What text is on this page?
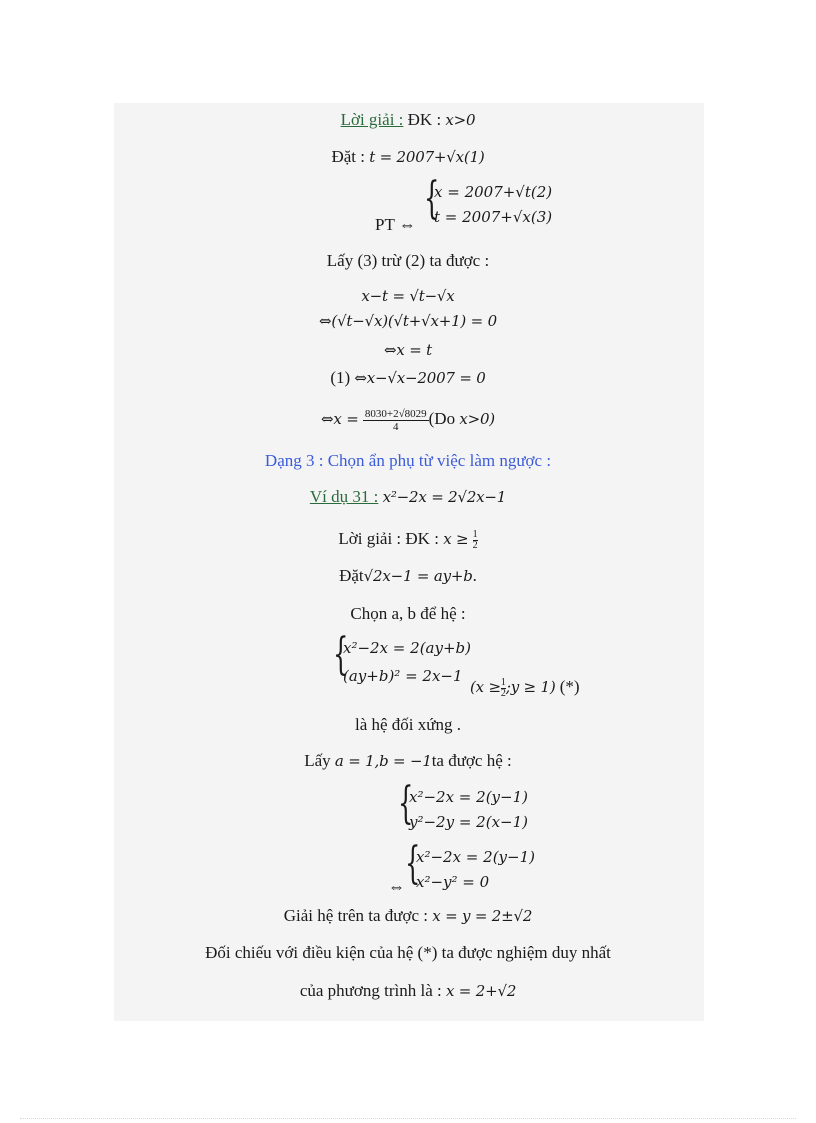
Lời giải : ĐK : x>0
Đặt : t = 2007+√x(1)
PT ⇔
{
x = 2007+√t(2)
t = 2007+√x(3)
Lấy (3) trừ (2) ta được :
x−t = √t−√x
⇔(√t−√x)(√t+√x+1) = 0
⇔x = t
(1) ⇔x−√x−2007 = 0
⇔x = $\frac{8030+2√8029}{4} (Do$ x>0)
Dạng 3 : Chọn ẩn phụ từ việc làm ngược :
Ví dụ 31 : x²−2x = 2√2x−1
Lời giải : ĐK : $x \ge \frac{1}{2}$
Đặt√2x−1 = ay+b.
Chọn a, b để hệ :
{
x²−2x = 2(ay+b)
(ay+b)² = 2x−1
$(x \ge \frac{1}{2};y \ge 1)$ (*)
là hệ đối xứng .
Lấy a = 1,b = −1ta được hệ :
{
x²−2x = 2(y−1)
y²−2y = 2(x−1)
⇔ {
x²−2x = 2(y−1)
x²−y² = 0
Giải hệ trên ta được : x = y = 2±√2
Đối chiếu với điều kiện của hệ (*) ta được nghiệm duy nhất
của phương trình là : x = 2+√2
